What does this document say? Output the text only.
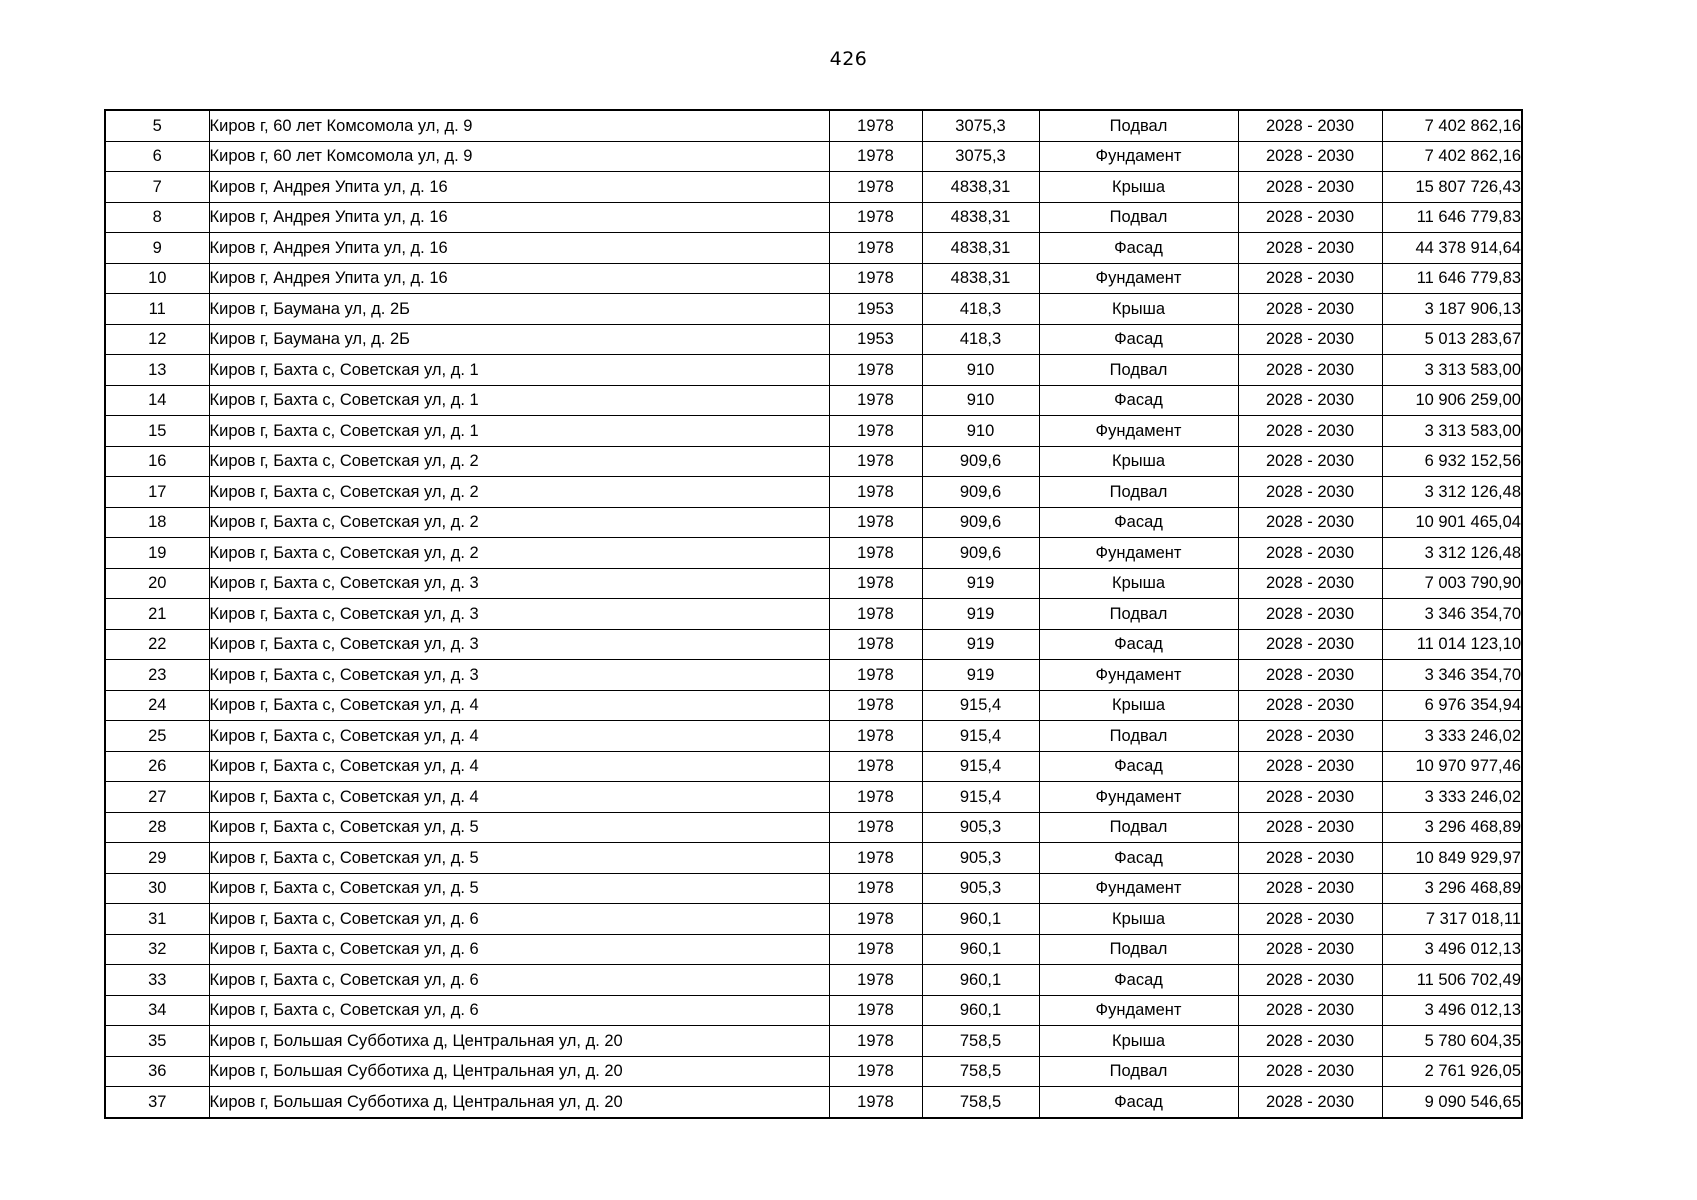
426
5	Киров г, 60 лет Комсомола ул, д. 9	1978	3075,3	Подвал	2028 - 2030	7 402 862,16
6	Киров г, 60 лет Комсомола ул, д. 9	1978	3075,3	Фундамент	2028 - 2030	7 402 862,16
7	Киров г, Андрея Упита ул, д. 16	1978	4838,31	Крыша	2028 - 2030	15 807 726,43
8	Киров г, Андрея Упита ул, д. 16	1978	4838,31	Подвал	2028 - 2030	11 646 779,83
9	Киров г, Андрея Упита ул, д. 16	1978	4838,31	Фасад	2028 - 2030	44 378 914,64
10	Киров г, Андрея Упита ул, д. 16	1978	4838,31	Фундамент	2028 - 2030	11 646 779,83
11	Киров г, Баумана ул, д. 2Б	1953	418,3	Крыша	2028 - 2030	3 187 906,13
12	Киров г, Баумана ул, д. 2Б	1953	418,3	Фасад	2028 - 2030	5 013 283,67
13	Киров г, Бахта с, Советская ул, д. 1	1978	910	Подвал	2028 - 2030	3 313 583,00
14	Киров г, Бахта с, Советская ул, д. 1	1978	910	Фасад	2028 - 2030	10 906 259,00
15	Киров г, Бахта с, Советская ул, д. 1	1978	910	Фундамент	2028 - 2030	3 313 583,00
16	Киров г, Бахта с, Советская ул, д. 2	1978	909,6	Крыша	2028 - 2030	6 932 152,56
17	Киров г, Бахта с, Советская ул, д. 2	1978	909,6	Подвал	2028 - 2030	3 312 126,48
18	Киров г, Бахта с, Советская ул, д. 2	1978	909,6	Фасад	2028 - 2030	10 901 465,04
19	Киров г, Бахта с, Советская ул, д. 2	1978	909,6	Фундамент	2028 - 2030	3 312 126,48
20	Киров г, Бахта с, Советская ул, д. 3	1978	919	Крыша	2028 - 2030	7 003 790,90
21	Киров г, Бахта с, Советская ул, д. 3	1978	919	Подвал	2028 - 2030	3 346 354,70
22	Киров г, Бахта с, Советская ул, д. 3	1978	919	Фасад	2028 - 2030	11 014 123,10
23	Киров г, Бахта с, Советская ул, д. 3	1978	919	Фундамент	2028 - 2030	3 346 354,70
24	Киров г, Бахта с, Советская ул, д. 4	1978	915,4	Крыша	2028 - 2030	6 976 354,94
25	Киров г, Бахта с, Советская ул, д. 4	1978	915,4	Подвал	2028 - 2030	3 333 246,02
26	Киров г, Бахта с, Советская ул, д. 4	1978	915,4	Фасад	2028 - 2030	10 970 977,46
27	Киров г, Бахта с, Советская ул, д. 4	1978	915,4	Фундамент	2028 - 2030	3 333 246,02
28	Киров г, Бахта с, Советская ул, д. 5	1978	905,3	Подвал	2028 - 2030	3 296 468,89
29	Киров г, Бахта с, Советская ул, д. 5	1978	905,3	Фасад	2028 - 2030	10 849 929,97
30	Киров г, Бахта с, Советская ул, д. 5	1978	905,3	Фундамент	2028 - 2030	3 296 468,89
31	Киров г, Бахта с, Советская ул, д. 6	1978	960,1	Крыша	2028 - 2030	7 317 018,11
32	Киров г, Бахта с, Советская ул, д. 6	1978	960,1	Подвал	2028 - 2030	3 496 012,13
33	Киров г, Бахта с, Советская ул, д. 6	1978	960,1	Фасад	2028 - 2030	11 506 702,49
34	Киров г, Бахта с, Советская ул, д. 6	1978	960,1	Фундамент	2028 - 2030	3 496 012,13
35	Киров г, Большая Субботиха д, Центральная ул, д. 20	1978	758,5	Крыша	2028 - 2030	5 780 604,35
36	Киров г, Большая Субботиха д, Центральная ул, д. 20	1978	758,5	Подвал	2028 - 2030	2 761 926,05
37	Киров г, Большая Субботиха д, Центральная ул, д. 20	1978	758,5	Фасад	2028 - 2030	9 090 546,65
